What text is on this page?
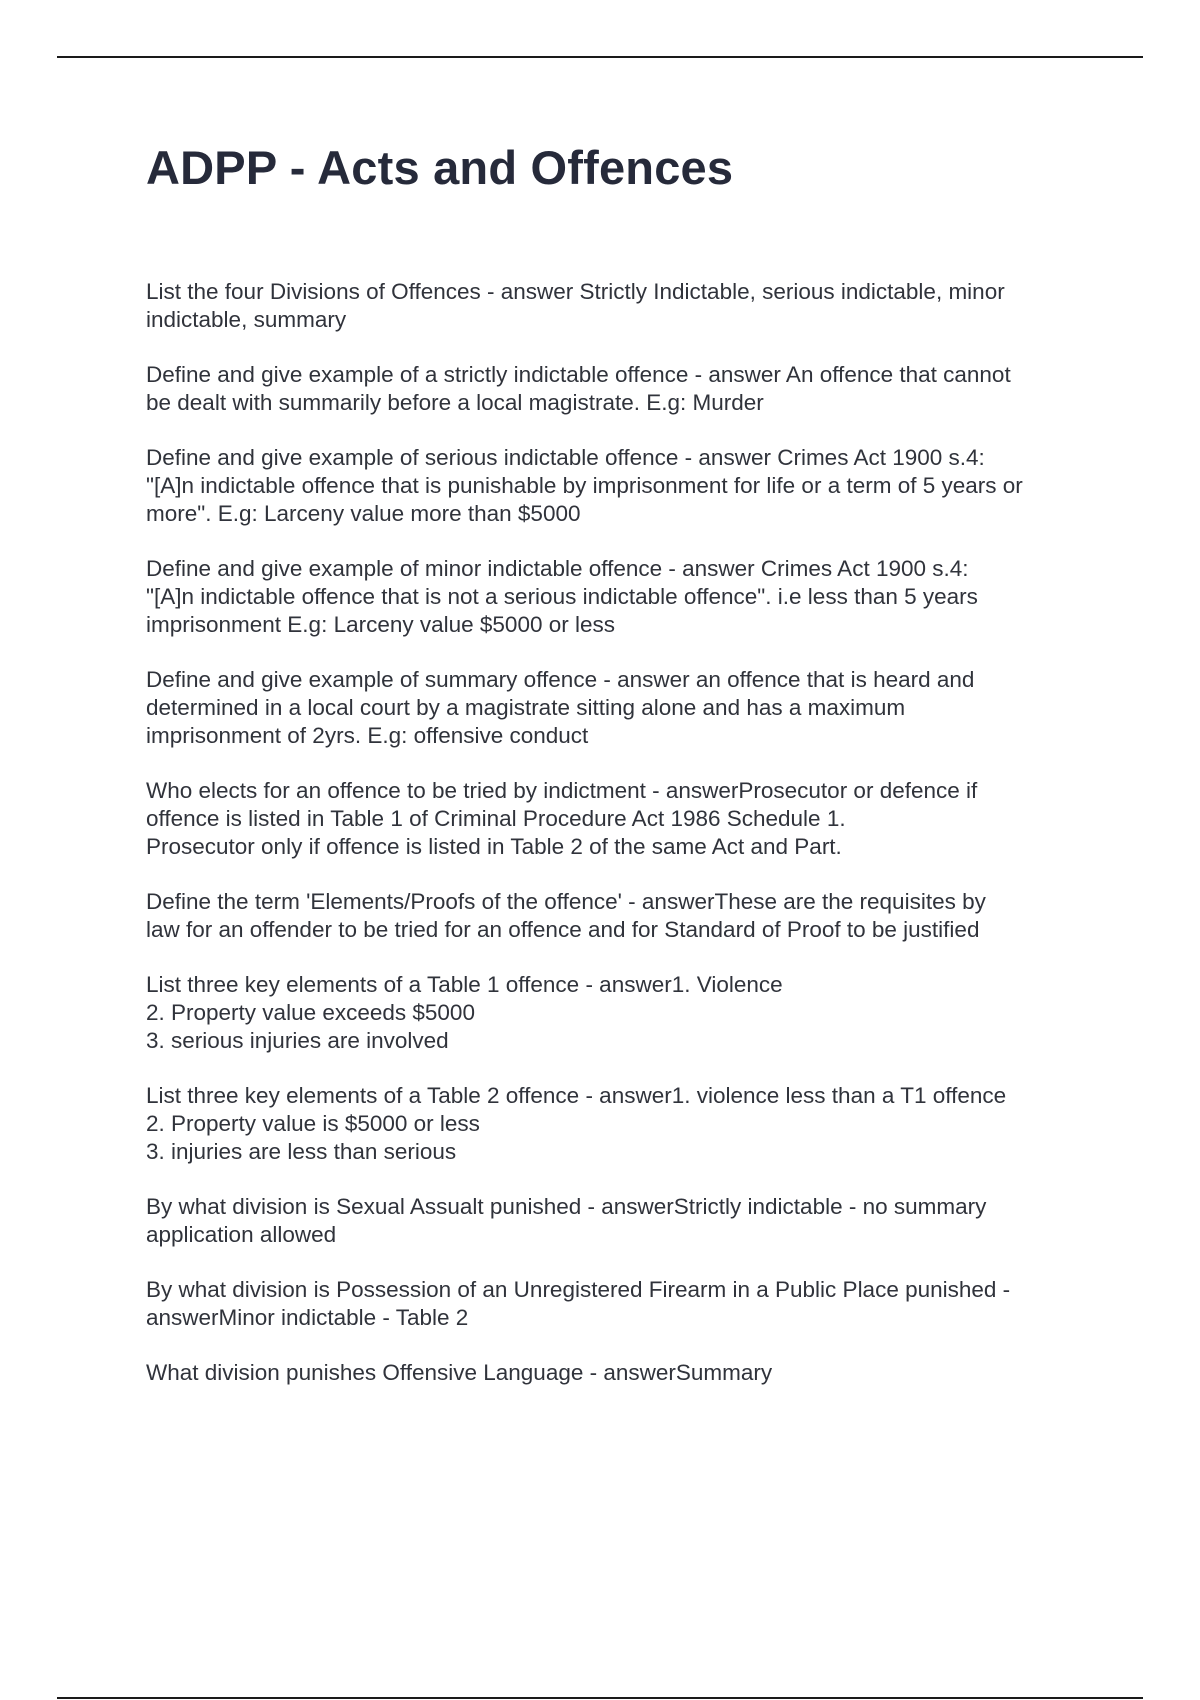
ADPP - Acts and Offences

List the four Divisions of Offences - answer Strictly Indictable, serious indictable, minor
indictable, summary

Define and give example of a strictly indictable offence - answer An offence that cannot
be dealt with summarily before a local magistrate. E.g: Murder

Define and give example of serious indictable offence - answer Crimes Act 1900 s.4:
"[A]n indictable offence that is punishable by imprisonment for life or a term of 5 years or
more". E.g: Larceny value more than $5000

Define and give example of minor indictable offence - answer Crimes Act 1900 s.4:
"[A]n indictable offence that is not a serious indictable offence". i.e less than 5 years
imprisonment E.g: Larceny value $5000 or less

Define and give example of summary offence - answer an offence that is heard and
determined in a local court by a magistrate sitting alone and has a maximum
imprisonment of 2yrs. E.g: offensive conduct

Who elects for an offence to be tried by indictment - answerProsecutor or defence if
offence is listed in Table 1 of Criminal Procedure Act 1986 Schedule 1.
Prosecutor only if offence is listed in Table 2 of the same Act and Part.

Define the term 'Elements/Proofs of the offence' - answerThese are the requisites by
law for an offender to be tried for an offence and for Standard of Proof to be justified

List three key elements of a Table 1 offence - answer1. Violence
2. Property value exceeds $5000
3. serious injuries are involved

List three key elements of a Table 2 offence - answer1. violence less than a T1 offence
2. Property value is $5000 or less
3. injuries are less than serious

By what division is Sexual Assualt punished - answerStrictly indictable - no summary
application allowed

By what division is Possession of an Unregistered Firearm in a Public Place punished -
answerMinor indictable - Table 2

What division punishes Offensive Language - answerSummary
